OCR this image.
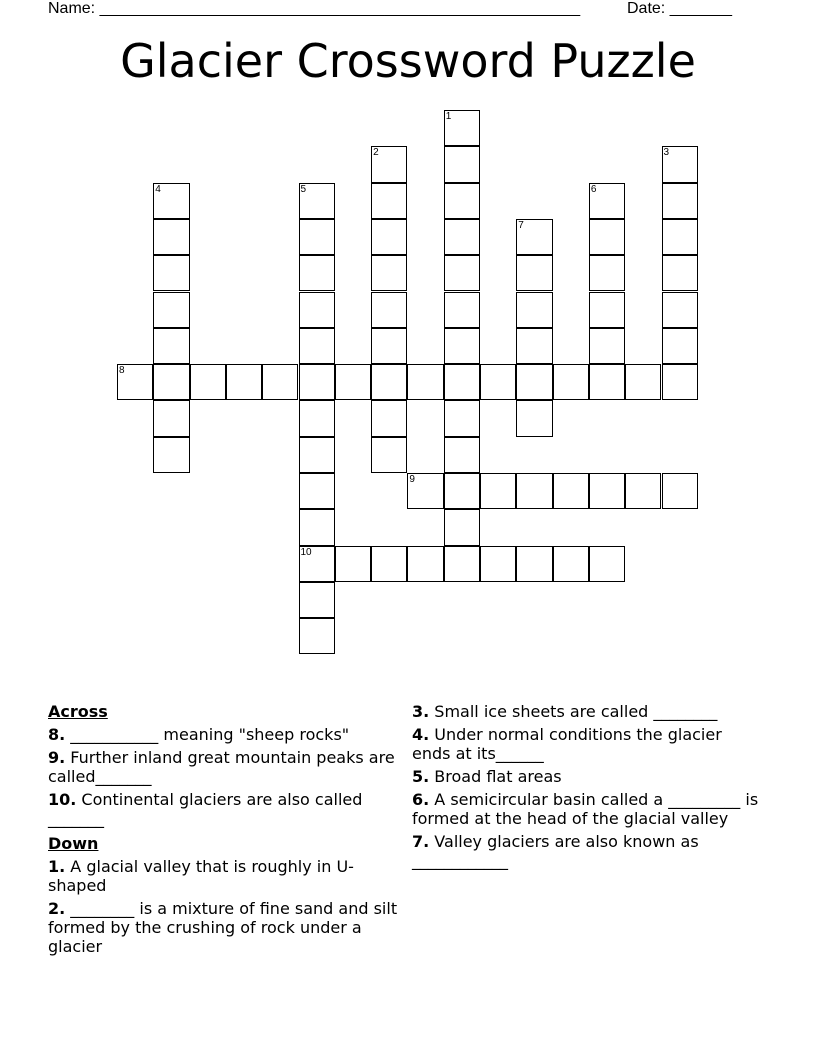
Name: ______________________________________________________	Date: _______
Glacier Crossword Puzzle
1
2	3
4	5
10
6
7
8
9

Across

8. ___________ meaning "sheep rocks"

9. Further inland great mountain peaks are called_______

10. Continental glaciers are also called _______

Down

1. A glacial valley that is roughly in U-shaped

2. ________ is a mixture of fine sand and silt formed by the crushing of rock under a glacier

3. Small ice sheets are called ________

4. Under normal conditions the glacier ends at its______

5. Broad flat areas

6. A semicircular basin called a _________ is formed at the head of the glacial valley

7. Valley glaciers are also known as ____________
